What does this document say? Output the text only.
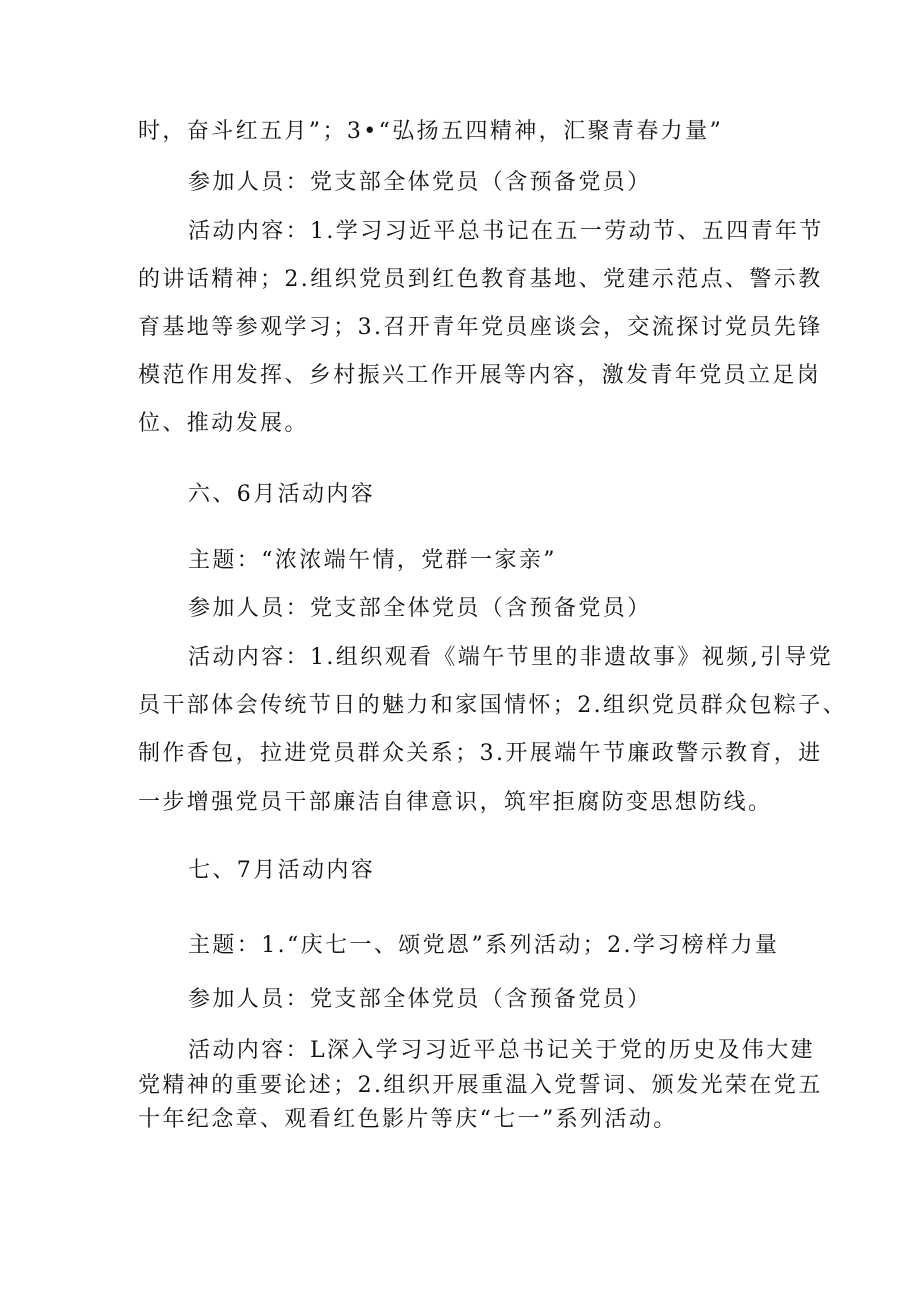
时，奋斗红五月”；3•“弘扬五四精神，汇聚青春力量”
参加人员：党支部全体党员（含预备党员）
活动内容：1.学习习近平总书记在五一劳动节、五四青年节
的讲话精神；2.组织党员到红色教育基地、党建示范点、警示教
育基地等参观学习；3.召开青年党员座谈会，交流探讨党员先锋
模范作用发挥、乡村振兴工作开展等内容，激发青年党员立足岗
位、推动发展。
六、6月活动内容
主题：“浓浓端午情，党群一家亲”
参加人员：党支部全体党员（含预备党员）
活动内容：1.组织观看《端午节里的非遗故事》视频,引导党
员干部体会传统节日的魅力和家国情怀；2.组织党员群众包粽子、
制作香包，拉进党员群众关系；3.开展端午节廉政警示教育，进
一步增强党员干部廉洁自律意识，筑牢拒腐防变思想防线。
七、7月活动内容
主题：1.“庆七一、颂党恩”系列活动；2.学习榜样力量
参加人员：党支部全体党员（含预备党员）
活动内容：L深入学习习近平总书记关于党的历史及伟大建
党精神的重要论述；2.组织开展重温入党誓词、颁发光荣在党五
十年纪念章、观看红色影片等庆“七一”系列活动。
